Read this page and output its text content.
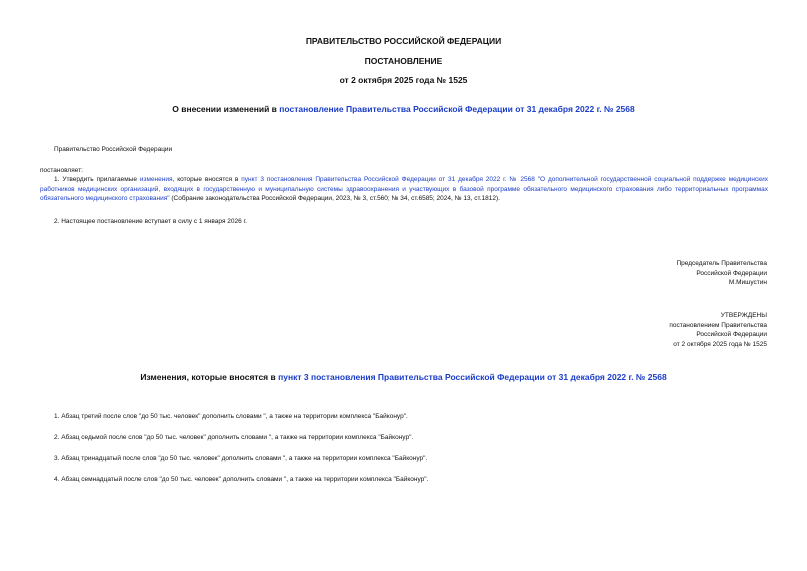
ПРАВИТЕЛЬСТВО РОССИЙСКОЙ ФЕДЕРАЦИИ
ПОСТАНОВЛЕНИЕ
от 2 октября 2025 года № 1525
О внесении изменений в постановление Правительства Российской Федерации от 31 декабря 2022 г. № 2568
Правительство Российской Федерации
постановляет:
1. Утвердить прилагаемые изменения, которые вносятся в пункт 3 постановления Правительства Российской Федерации от 31 декабря 2022 г. № 2568 "О дополнительной государственной социальной поддержке медицинских работников медицинских организаций, входящих в государственную и муниципальную системы здравоохранения и участвующих в базовой программе обязательного медицинского страхования либо территориальных программах обязательного медицинского страхования" (Собрание законодательства Российской Федерации, 2023, № 3, ст.560; № 34, ст.6585; 2024, № 13, ст.1812).
2. Настоящее постановление вступает в силу с 1 января 2026 г.
Председатель Правительства
Российской Федерации
М.Мишустин
УТВЕРЖДЕНЫ
постановлением Правительства
Российской Федерации
от 2 октября 2025 года № 1525
Изменения, которые вносятся в пункт 3 постановления Правительства Российской Федерации от 31 декабря 2022 г. № 2568
1. Абзац третий после слов "до 50 тыс. человек" дополнить словами ", а также на территории комплекса "Байконур".
2. Абзац седьмой после слов "до 50 тыс. человек" дополнить словами ", а также на территории комплекса "Байконур".
3. Абзац тринадцатый после слов "до 50 тыс. человек" дополнить словами ", а также на территории комплекса "Байконур".
4. Абзац семнадцатый после слов "до 50 тыс. человек" дополнить словами ", а также на территории комплекса "Байконур".
